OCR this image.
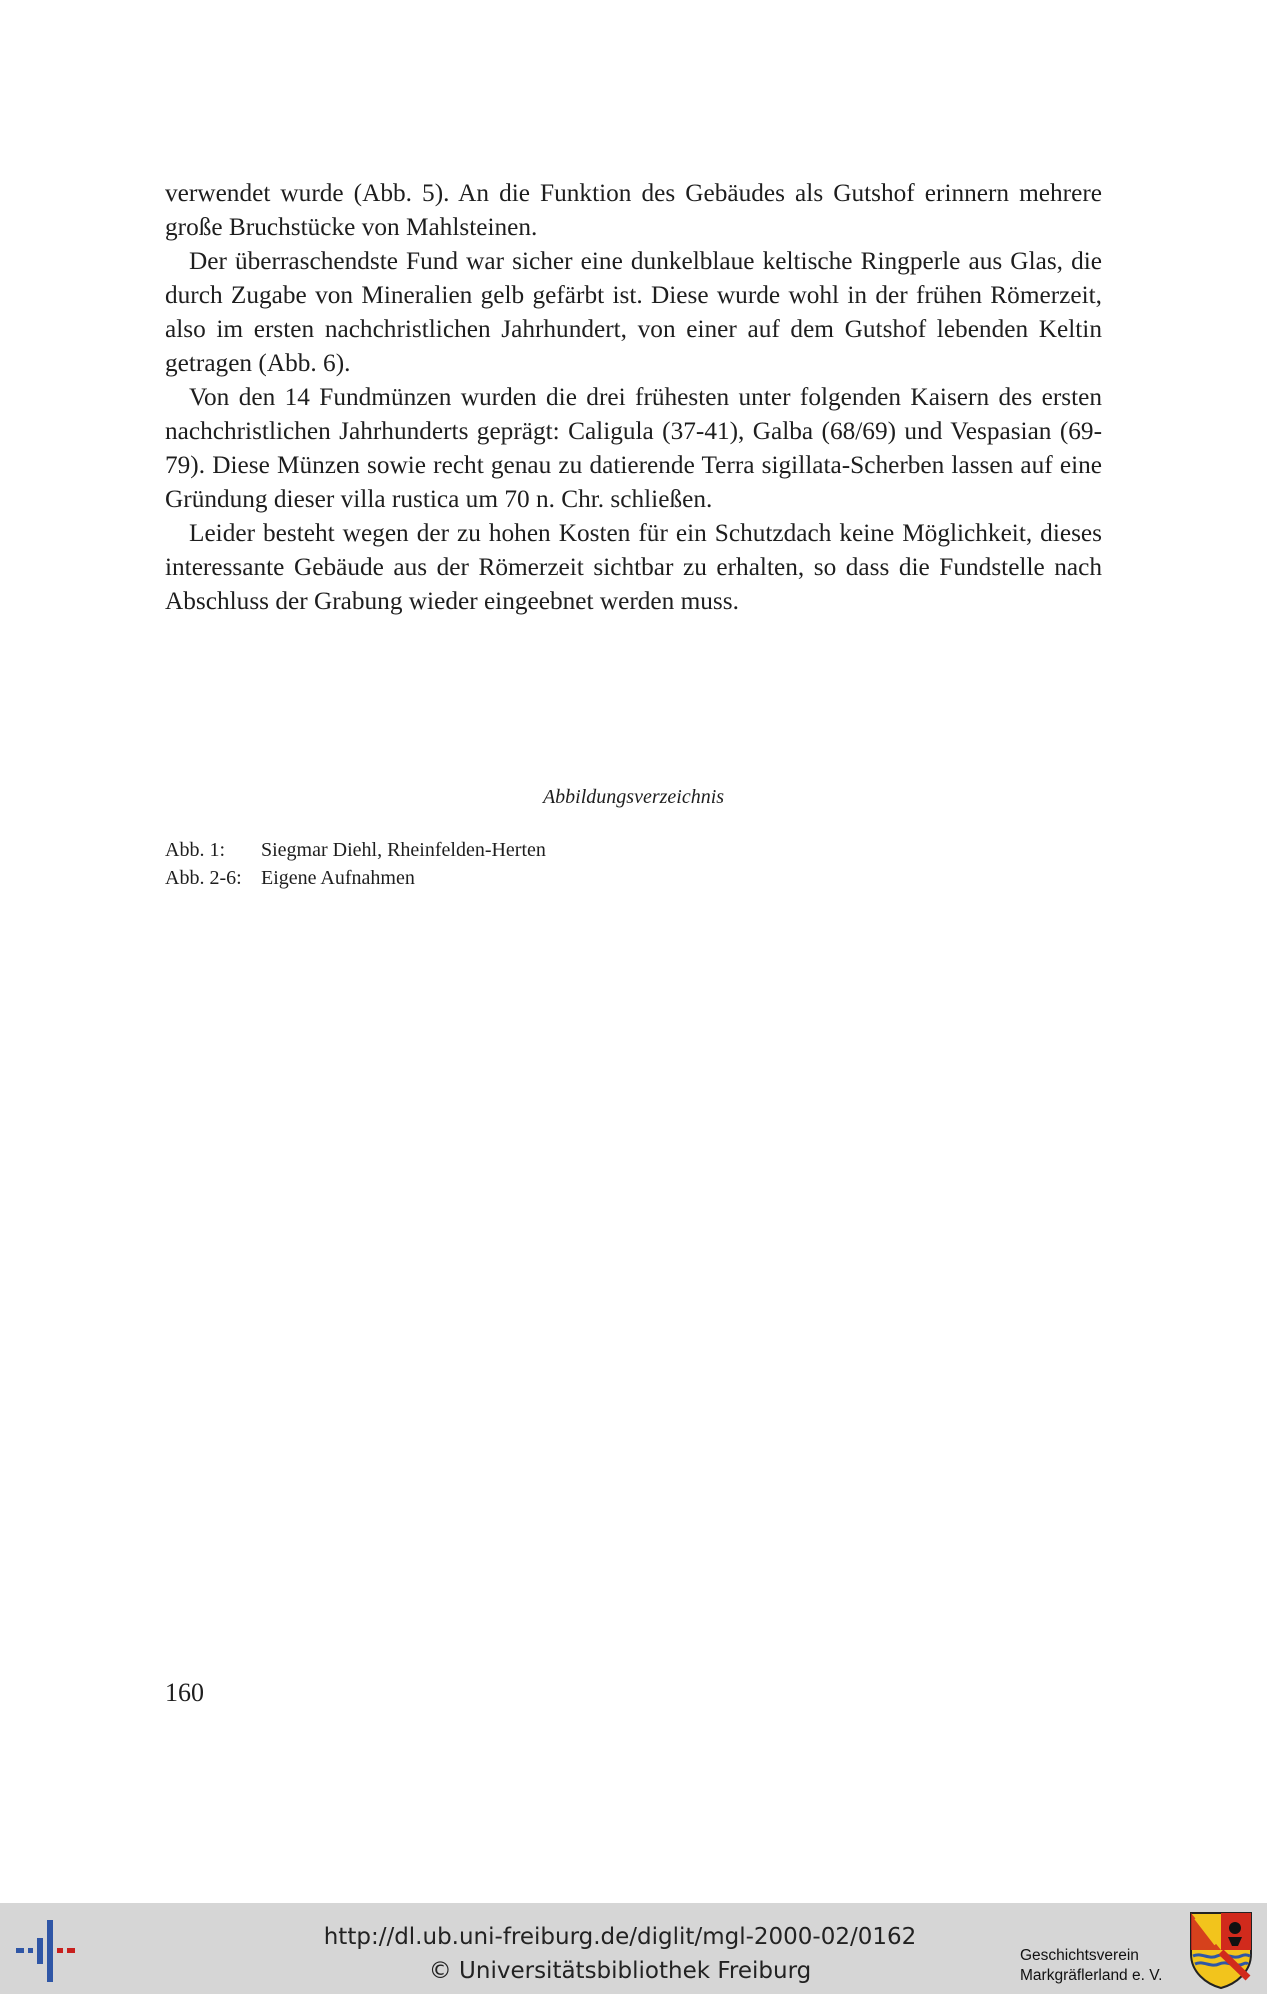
verwendet wurde (Abb. 5). An die Funktion des Gebäudes als Gutshof erinnern mehrere große Bruchstücke von Mahlsteinen.

Der überraschendste Fund war sicher eine dunkelblaue keltische Ringperle aus Glas, die durch Zugabe von Mineralien gelb gefärbt ist. Diese wurde wohl in der frühen Römerzeit, also im ersten nachchristlichen Jahrhundert, von einer auf dem Gutshof lebenden Keltin getragen (Abb. 6).

Von den 14 Fundmünzen wurden die drei frühesten unter folgenden Kaisern des ersten nachchristlichen Jahrhunderts geprägt: Caligula (37-41), Galba (68/69) und Vespasian (69-79). Diese Münzen sowie recht genau zu datierende Terra sigillata-Scherben lassen auf eine Gründung dieser villa rustica um 70 n. Chr. schließen.

Leider besteht wegen der zu hohen Kosten für ein Schutzdach keine Möglichkeit, dieses interessante Gebäude aus der Römerzeit sichtbar zu erhalten, so dass die Fundstelle nach Abschluss der Grabung wieder eingeebnet werden muss.

Abbildungsverzeichnis
Abb. 1:	Siegmar Diehl, Rheinfelden-Herten
Abb. 2-6: Eigene Aufnahmen
160
http://dl.ub.uni-freiburg.de/diglit/mgl-2000-02/0162
© Universitätsbibliothek Freiburg
Geschichtsverein
Markgräflerland e. V.
